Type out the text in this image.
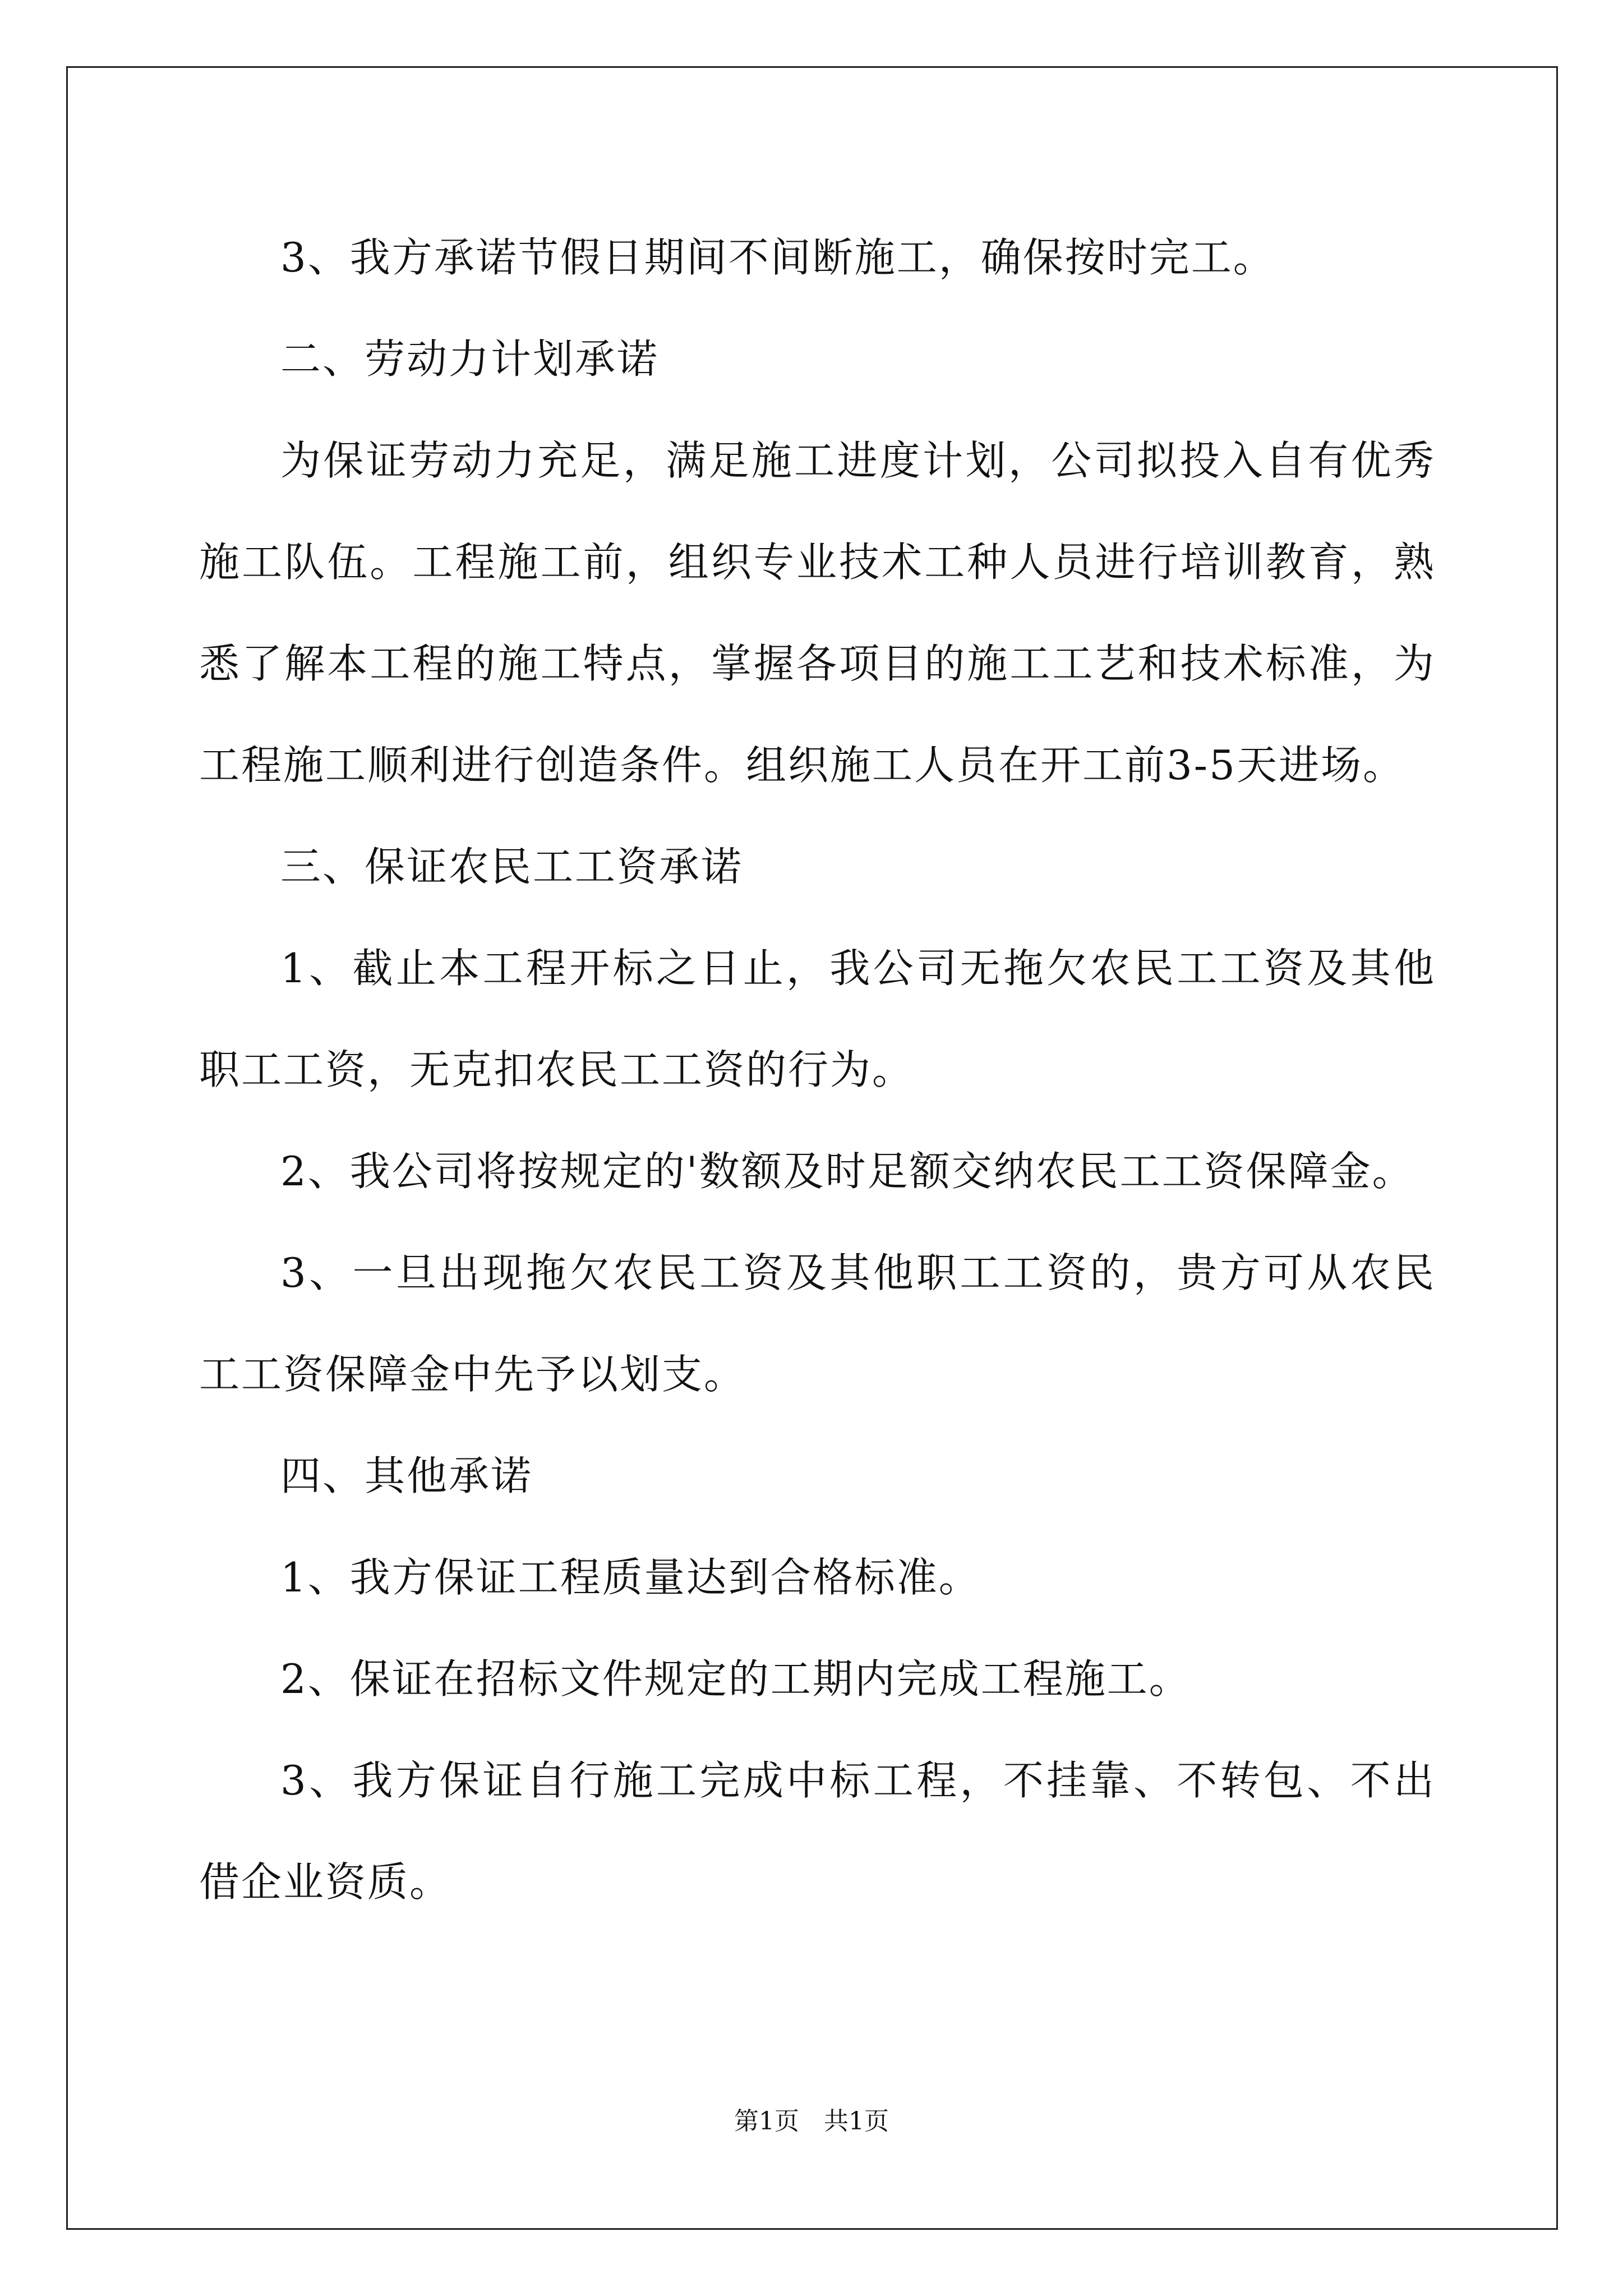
3、我方承诺节假日期间不间断施工，确保按时完工。

二、劳动力计划承诺

为保证劳动力充足，满足施工进度计划，公司拟投入自有优秀施工队伍。工程施工前，组织专业技术工种人员进行培训教育，熟悉了解本工程的施工特点，掌握各项目的施工工艺和技术标准，为工程施工顺利进行创造条件。组织施工人员在开工前3-5天进场。

三、保证农民工工资承诺

1、截止本工程开标之日止，我公司无拖欠农民工工资及其他职工工资，无克扣农民工工资的行为。

2、我公司将按规定的'数额及时足额交纳农民工工资保障金。

3、一旦出现拖欠农民工资及其他职工工资的，贵方可从农民工工资保障金中先予以划支。

四、其他承诺

1、我方保证工程质量达到合格标准。

2、保证在招标文件规定的工期内完成工程施工。

3、我方保证自行施工完成中标工程，不挂靠、不转包、不出借企业资质。

第1页 共1页
